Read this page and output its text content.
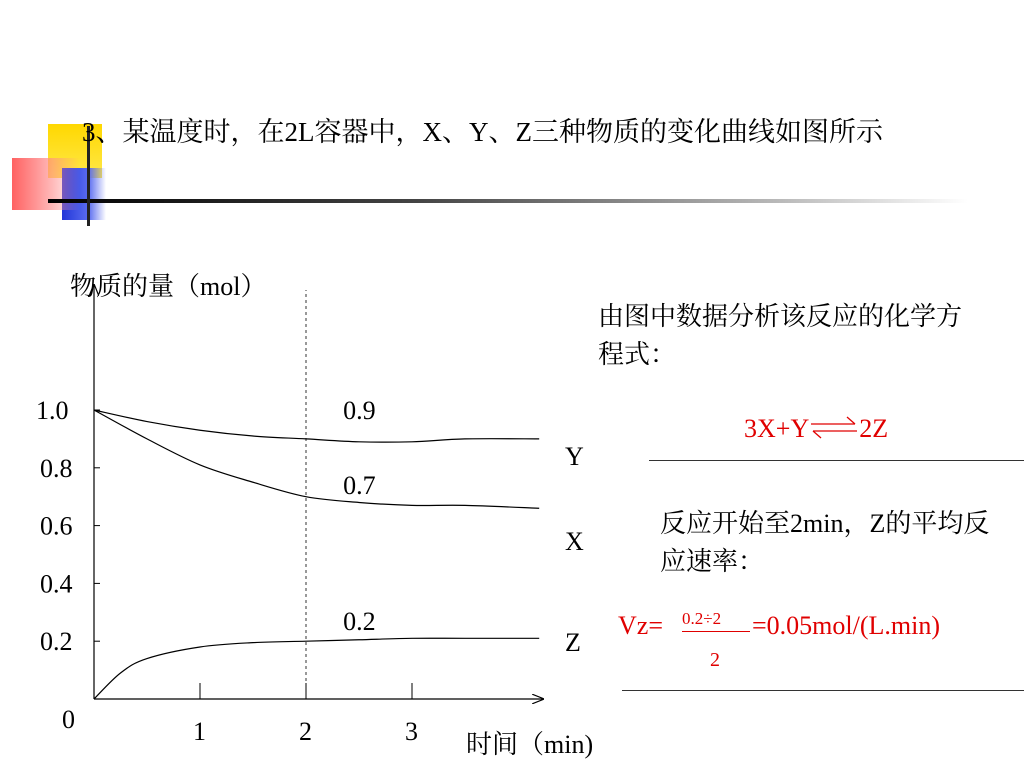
3、某温度时，在2L容器中，X、Y、Z三种物质的变化曲线如图所示
0.2
0.4
0.6
0.8
1.0
1	2	3
Y
X
Z
0.9
0.7
0.2
物质的量（mol）
时间（min)
0
由图中数据分析该反应的化学方程式：
3X+Y⇌2Z
反应开始至2min，Z的平均反应速率：
Vz= 0.2÷2
2
=0.05mol/(L.min)
